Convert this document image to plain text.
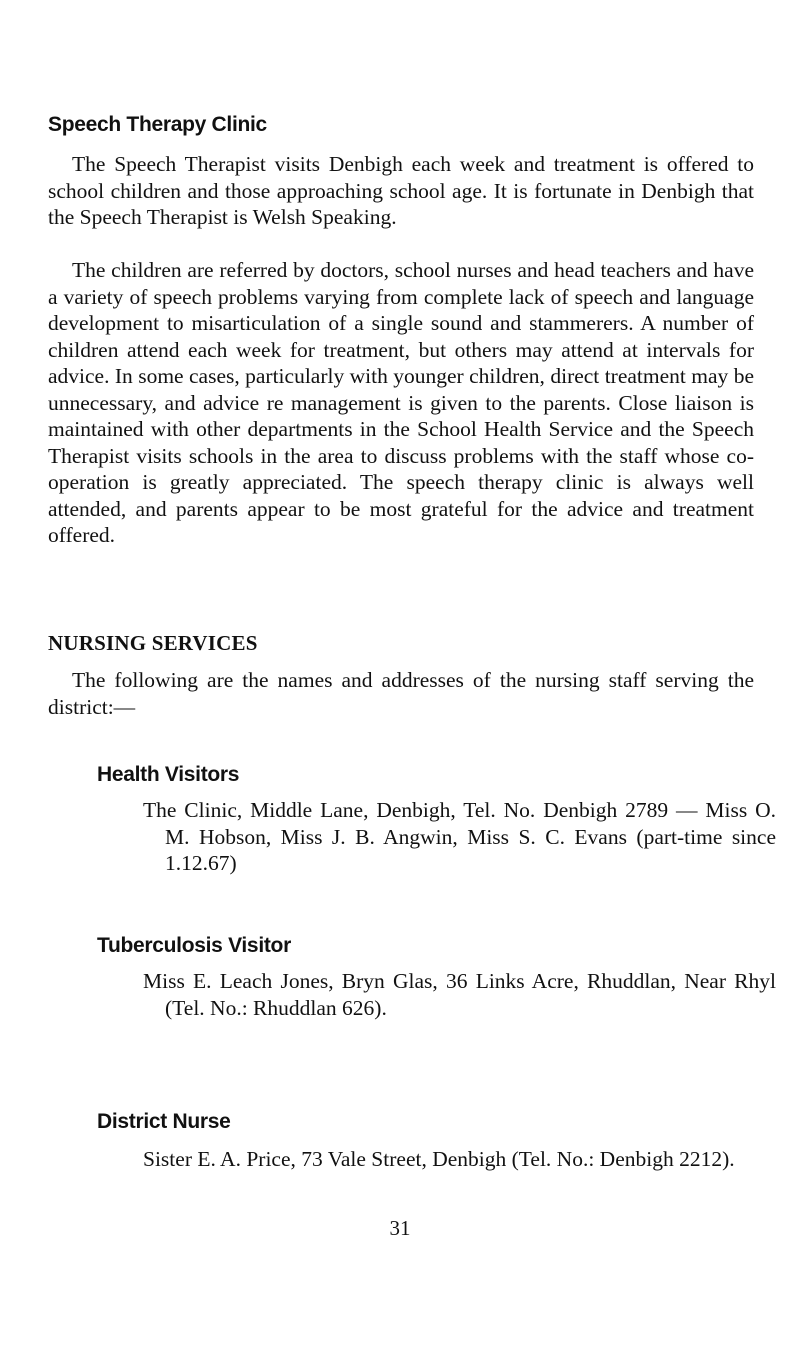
Speech Therapy Clinic

The Speech Therapist visits Denbigh each week and treatment is offered to school children and those approaching school age. It is fortunate in Denbigh that the Speech Therapist is Welsh Speaking.

The children are referred by doctors, school nurses and head teachers and have a variety of speech problems varying from complete lack of speech and language development to misarticulation of a single sound and stammerers. A number of children attend each week for treatment, but others may attend at intervals for advice. In some cases, particularly with younger children, direct treatment may be unnecessary, and advice re management is given to the parents. Close liaison is maintained with other departments in the School Health Service and the Speech Therapist visits schools in the area to discuss problems with the staff whose co-operation is greatly appreciated. The speech therapy clinic is always well attended, and parents appear to be most grateful for the advice and treatment offered.

NURSING SERVICES

The following are the names and addresses of the nursing staff serving the district:—

Health Visitors

The Clinic, Middle Lane, Denbigh, Tel. No. Denbigh 2789 — Miss O. M. Hobson, Miss J. B. Angwin, Miss S. C. Evans (part-time since 1.12.67)

Tuberculosis Visitor

Miss E. Leach Jones, Bryn Glas, 36 Links Acre, Rhuddlan, Near Rhyl (Tel. No.: Rhuddlan 626).

District Nurse

Sister E. A. Price, 73 Vale Street, Denbigh (Tel. No.: Denbigh 2212).

31
